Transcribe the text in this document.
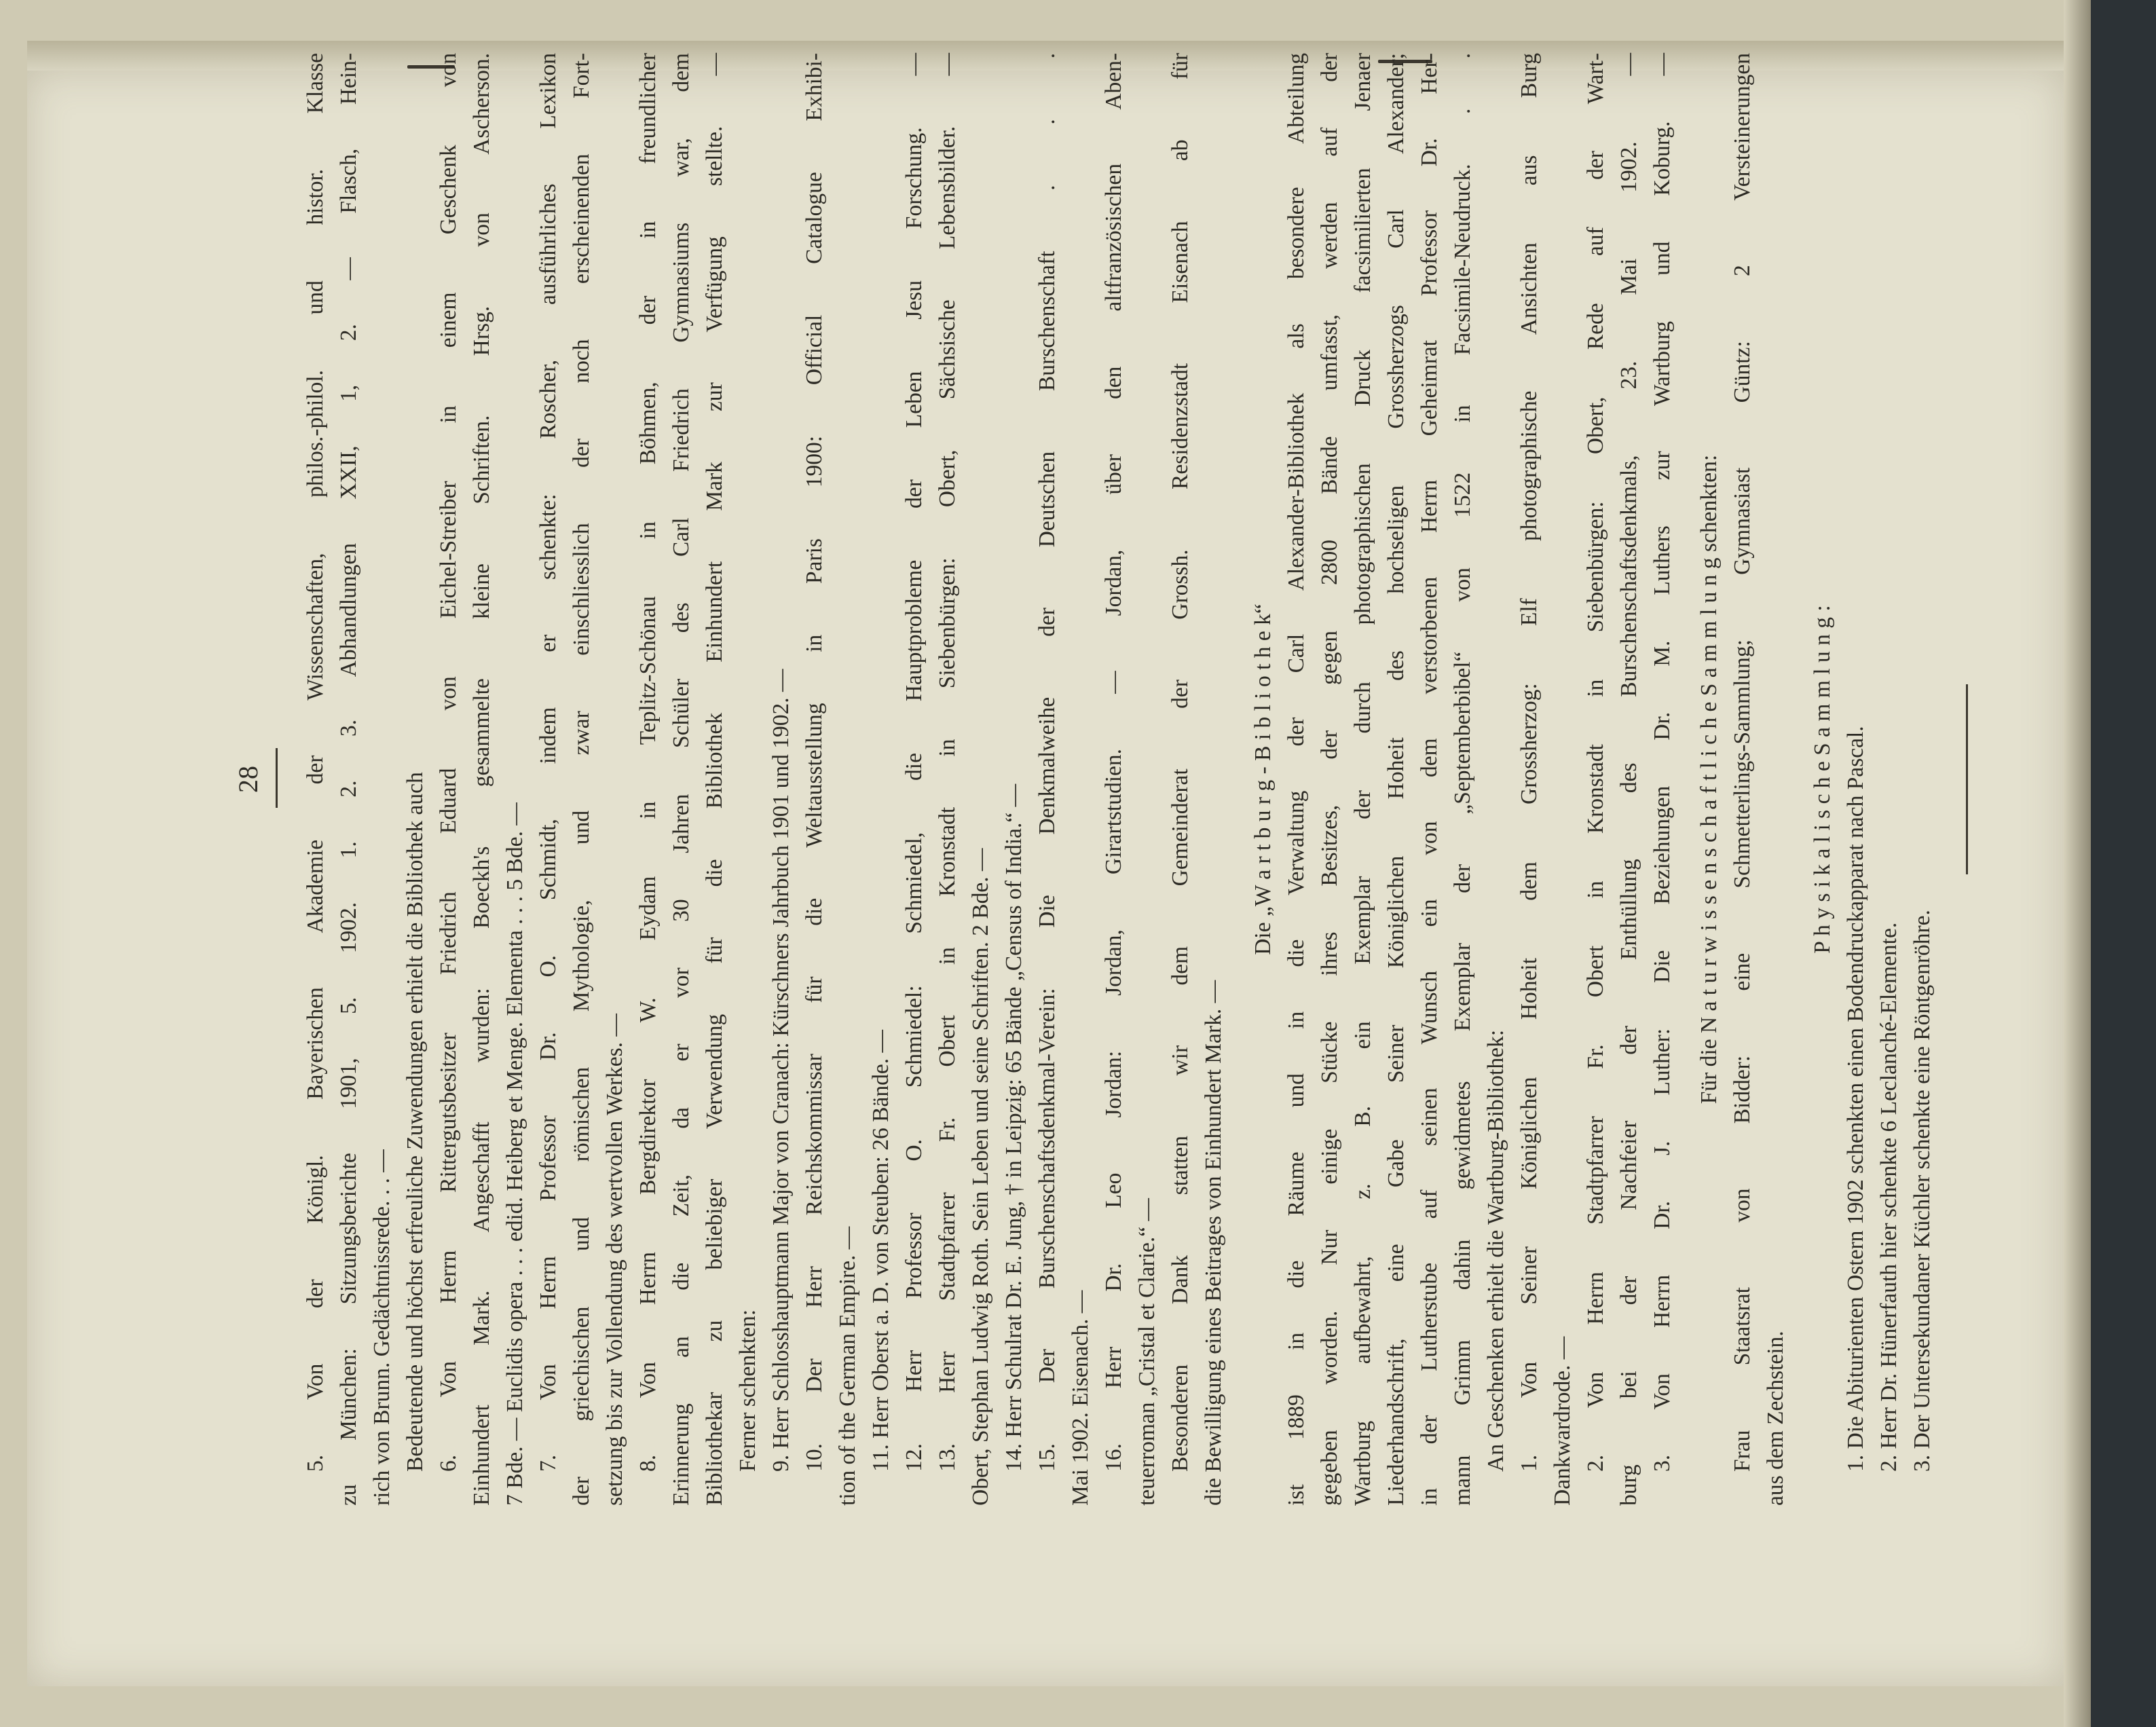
28 5. Von der Königl. Bayerischen Akademie der Wissenschaften, philos.-philol. und histor. Klasse zu München: Sitzungsberichte 1901, 5. 1902. 1. 2. 3. Abhandlungen XXII, 1, 2. — Flasch, Hein- rich von Brunn. Gedächtnissrede. . . — Bedeutende und höchst erfreuliche Zuwendungen erhielt die Bibliothek auch 6. Von Herrn Rittergutsbesitzer Friedrich Eduard von Eichel-Streiber in einem Geschenk von Einhundert Mark. Angeschafft wurden: Boeckh's gesammelte kleine Schriften. Hrsg. von Ascherson. 7 Bde. — Euclidis opera . . . edid. Heiberg et Menge. Elementa . . . 5 Bde. — 7. Von Herrn Professor Dr. O. Schmidt, indem er schenkte: Roscher, ausführliches Lexikon der griechischen und römischen Mythologie, und zwar einschliesslich der noch erscheinenden Fort- setzung bis zur Vollendung des wertvollen Werkes. — 8. Von Herrn Bergdirektor W. Eydam in Teplitz-Schönau in Böhmen, der in freundlicher Erinnerung an die Zeit, da er vor 30 Jahren Schüler des Carl Friedrich Gymnasiums war, dem Bibliothekar zu beliebiger Verwendung für die Bibliothek Einhundert Mark zur Verfügung stellte. — Ferner schenkten: 9. Herr Schlosshauptmann Major von Cranach: Kürschners Jahrbuch 1901 und 1902. — 10. Der Herr Reichskommissar für die Weltausstellung in Paris 1900: Official Catalogue Exhibi- tion of the German Empire. — 11. Herr Oberst a. D. von Steuben: 26 Bände. — 12. Herr Professor O. Schmiedel: Schmiedel, die Hauptprobleme der Leben Jesu Forschung. — 13. Herr Stadtpfarrer Fr. Obert in Kronstadt in Siebenbürgen: Obert, Sächsische Lebensbilder. — Obert, Stephan Ludwig Roth. Sein Leben und seine Schriften. 2 Bde. — 14. Herr Schulrat Dr. E. Jung, † in Leipzig: 65 Bände „Census of India.“ — 15. Der Burschenschaftsdenkmal-Verein: Die Denkmalweihe der Deutschen Burschenschaft . . . Mai 1902. Eisenach. — 16. Herr Dr. Leo Jordan: Jordan, Girartstudien. — Jordan, über den altfranzösischen Aben- teuerroman „Cristal et Clarie.“ — Besonderen Dank statten wir dem Gemeinderat der Grossh. Residenzstadt Eisenach ab für die Bewilligung eines Beitrages von Einhundert Mark. —
Die „W a r t b u r g - B i b l i o t h e k“ ist 1889 in die Räume und in die Verwaltung der Carl Alexander-Bibliothek als besondere Abteilung gegeben worden. Nur einige Stücke ihres Besitzes, der gegen 2800 Bände umfasst, werden auf der Wartburg aufbewahrt, z. B. ein Exemplar der durch photographischen Druck facsimilierten Jenaer Liederhandschrift, eine Gabe Seiner Königlichen Hoheit des hochseligen Grossherzogs Carl Alexander; in der Lutherstube auf seinen Wunsch ein von dem verstorbenen Herrn Geheimrat Professor Dr. Her- mann Grimm dahin gewidmetes Exemplar der „Septemberbibel“ von 1522 in Facsimile-Neudruck. . . An Geschenken erhielt die Wartburg-Bibliothek: 1. Von Seiner Königlichen Hoheit dem Grossherzog: Elf photographische Ansichten aus Burg Dankwardrode. — 2. Von Herrn Stadtpfarrer Fr. Obert in Kronstadt in Siebenbürgen: Obert, Rede auf der Wart- burg bei der Nachfeier der Enthüllung des Burschenschaftsdenkmals, 23. Mai 1902. — 3. Von Herrn Dr. J. Luther: Die Beziehungen Dr. M. Luthers zur Wartburg und Koburg. — Für die N a t u r w i s s e n s c h a f t l i c h e S a m m l u n g schenkten: Frau Staatsrat von Bidder: eine Schmetterlings-Sammlung; Gymnasiast Güntz: 2 Versteinerungen aus dem Zechstein.
P h y s i k a l i s c h e S a m m l u n g : 1. Die Abiturienten Ostern 1902 schenkten einen Bodendruckapparat nach Pascal. 2. Herr Dr. Hünerfauth hier schenkte 6 Leclanché-Elemente. 3. Der Untersekundaner Küchler schenkte eine Röntgenröhre.
